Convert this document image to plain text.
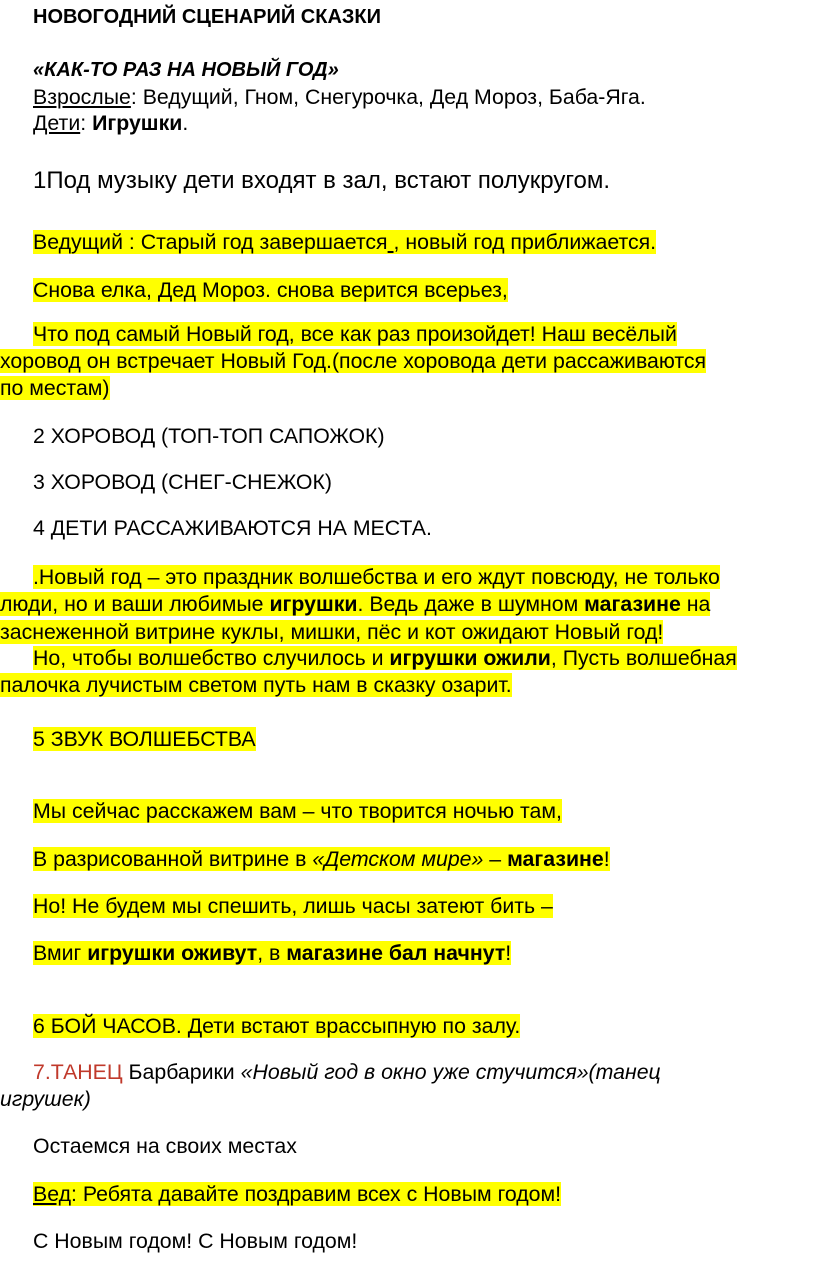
НОВОГОДНИЙ СЦЕНАРИЙ СКАЗКИ
«КАК-ТО РАЗ НА НОВЫЙ ГОД»
Взрослые: Ведущий, Гном, Снегурочка, Дед Мороз, Баба-Яга.
Дети: Игрушки.
1Под музыку дети входят в зал, встают полукругом.
Ведущий : Старый год завершается , новый год приближается.
Снова елка, Дед Мороз. снова верится всерьез,
Что под самый Новый год, все как раз произойдет! Наш весёлый
хоровод он встречает Новый Год.(после хоровода дети рассаживаются
по местам)
2 ХОРОВОД (ТОП-ТОП САПОЖОК)
3 ХОРОВОД (СНЕГ-СНЕЖОК)
4 ДЕТИ РАССАЖИВАЮТСЯ НА МЕСТА.
.Новый год – это праздник волшебства и его ждут повсюду, не только
люди, но и ваши любимые игрушки. Ведь даже в шумном магазине на
заснеженной витрине куклы, мишки, пёс и кот ожидают Новый год!
Но, чтобы волшебство случилось и игрушки ожили, Пусть волшебная
палочка лучистым светом путь нам в сказку озарит.
5 ЗВУК ВОЛШЕБСТВА
Мы сейчас расскажем вам – что творится ночью там,
В разрисованной витрине в «Детском мире» – магазине!
Но! Не будем мы спешить, лишь часы затеют бить –
Вмиг игрушки оживут, в магазине бал начнут!
6 БОЙ ЧАСОВ. Дети встают врассыпную по залу.
7.ТАНЕЦ Барбарики «Новый год в окно уже стучится»(танец
игрушек)
Остаемся на своих местах
Вед: Ребята давайте поздравим всех с Новым годом!
С Новым годом! С Новым годом!
